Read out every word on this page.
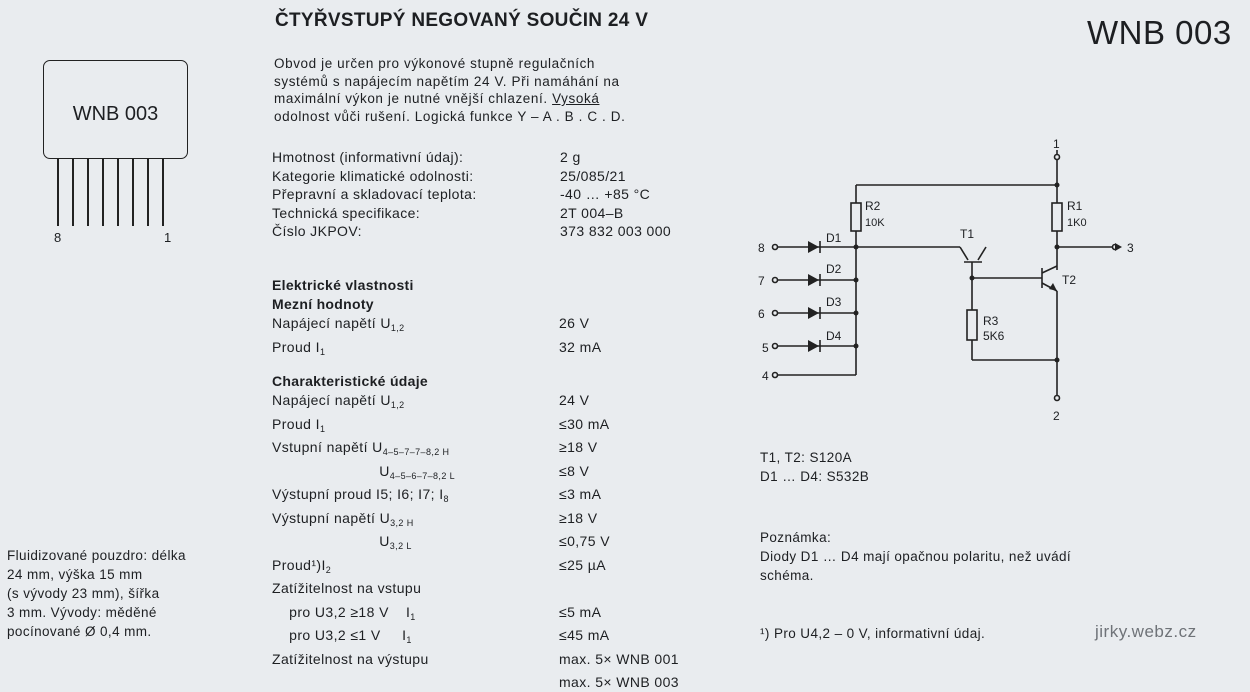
ČTYŘVSTUPÝ NEGOVANÝ SOUČIN 24 V	WNB 003
Obvod je určen pro výkonové stupně regulačních
systémů s napájecím napětím 24 V. Při namáhání na
maximální výkon je nutné vnější chlazení. Vysoká
odolnost vůči rušení. Logická funkce Y – A . B . C . D.
WNB 003
8	1
Hmotnost (informativní údaj):	2 g
Kategorie klimatické odolnosti:	25/085/21
Přepravní a skladovací teplota:	-40 … +85 °C
Technická specifikace:	2T 004–B
Číslo JKPOV:	373 832 003 000
Elektrické vlastnosti
Mezní hodnoty
Napájecí napětí $U_{1,2}$	26 V
Proud $I_1$	32 mA
Charakteristické údaje
Napájecí napětí $U_{1,2}$	24 V
Proud $I_1$	≤30 mA
Vstupní napětí $U_{4-5-7-7-8,2 H}$	≥18 V
$U_{4-5-6-7-8,2 L}$	≤8 V
Výstupní proud I5; I6; I7; $I_8$	≤3 mA
Výstupní napětí $U_{3,2 H}$	≥18 V
$U_{3,2 L}$	≤0,75 V
$Proud^1)I_2$	≤25 µA
Zatížitelnost na vstupu	
pro U3,2 ≥18 V    $I_1$	≤5 mA
pro U3,2 ≤1 V     $I_1$	≤45 mA
Zatížitelnost na výstupu	max. 5× WNB 001
	max. 5× WNB 003
Fluidizované pouzdro: délka
24 mm, výška 15 mm
(s vývody 23 mm), šířka
3 mm. Vývody: měděné
pocínované Ø 0,4 mm.
R2
10K
R1
1K0
R3
5K6
T1
T2
D1
D2
D3
D4
8
7
6
5
4
1
2
3
T1, T2: S120A
D1 … D4: S532B
Poznámka:
Diody D1 … D4 mají opačnou polaritu, než uvádí
schéma.
¹) Pro U4,2 – 0 V, informativní údaj.	jirky.webz.cz
